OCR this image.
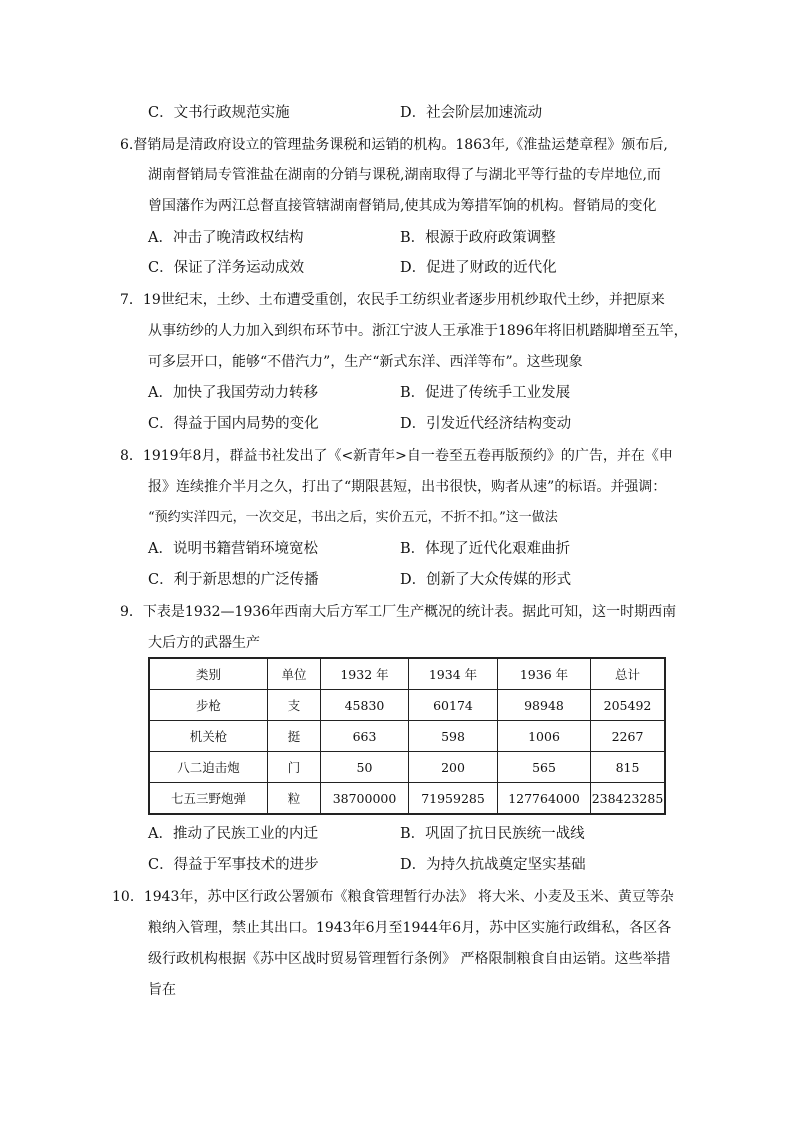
C．文书行政规范实施	D．社会阶层加速流动
6.督销局是清政府设立的管理盐务课税和运销的机构。1863年,《淮盐运楚章程》颁布后,
湖南督销局专管淮盐在湖南的分销与课税,湖南取得了与湖北平等行盐的专岸地位,而
曾国藩作为两江总督直接管辖湖南督销局,使其成为筹措军饷的机构。督销局的变化
A．冲击了晚清政权结构	B．根源于政府政策调整
C．保证了洋务运动成效	D．促进了财政的近代化
7．19世纪末，土纱、土布遭受重创，农民手工纺织业者逐步用机纱取代土纱，并把原来
从事纺纱的人力加入到织布环节中。浙江宁波人王承准于1896年将旧机踏脚增至五竿，
可多层开口，能够“不借汽力”，生产“新式东洋、西洋等布”。这些现象
A．加快了我国劳动力转移	B．促进了传统手工业发展
C．得益于国内局势的变化	D．引发近代经济结构变动
8．1919年8月，群益书社发出了《<新青年>自一卷至五卷再版预约》的广告，并在《申
报》连续推介半月之久，打出了“期限甚短，出书很快，购者从速”的标语。并强调：
“预约实洋四元，一次交足，书出之后，实价五元，不折不扣。”这一做法
A．说明书籍营销环境宽松	B．体现了近代化艰难曲折
C．利于新思想的广泛传播	D．创新了大众传媒的形式
9．下表是1932—1936年西南大后方军工厂生产概况的统计表。据此可知，这一时期西南
大后方的武器生产
类别	单位	1932 年	1934 年	1936 年	总计
步枪	支	45830	60174	98948	205492
机关枪	挺	663	598	1006	2267
八二迫击炮	门	50	200	565	815
七五三野炮弹	粒	38700000	71959285	127764000	238423285
A．推动了民族工业的内迁	B．巩固了抗日民族统一战线
C．得益于军事技术的进步	D．为持久抗战奠定坚实基础
10．1943年，苏中区行政公署颁布《粮食管理暂行办法》 将大米、小麦及玉米、黄豆等杂
粮纳入管理，禁止其出口。1943年6月至1944年6月，苏中区实施行政缉私，各区各
级行政机构根据《苏中区战时贸易管理暂行条例》 严格限制粮食自由运销。这些举措
旨在
